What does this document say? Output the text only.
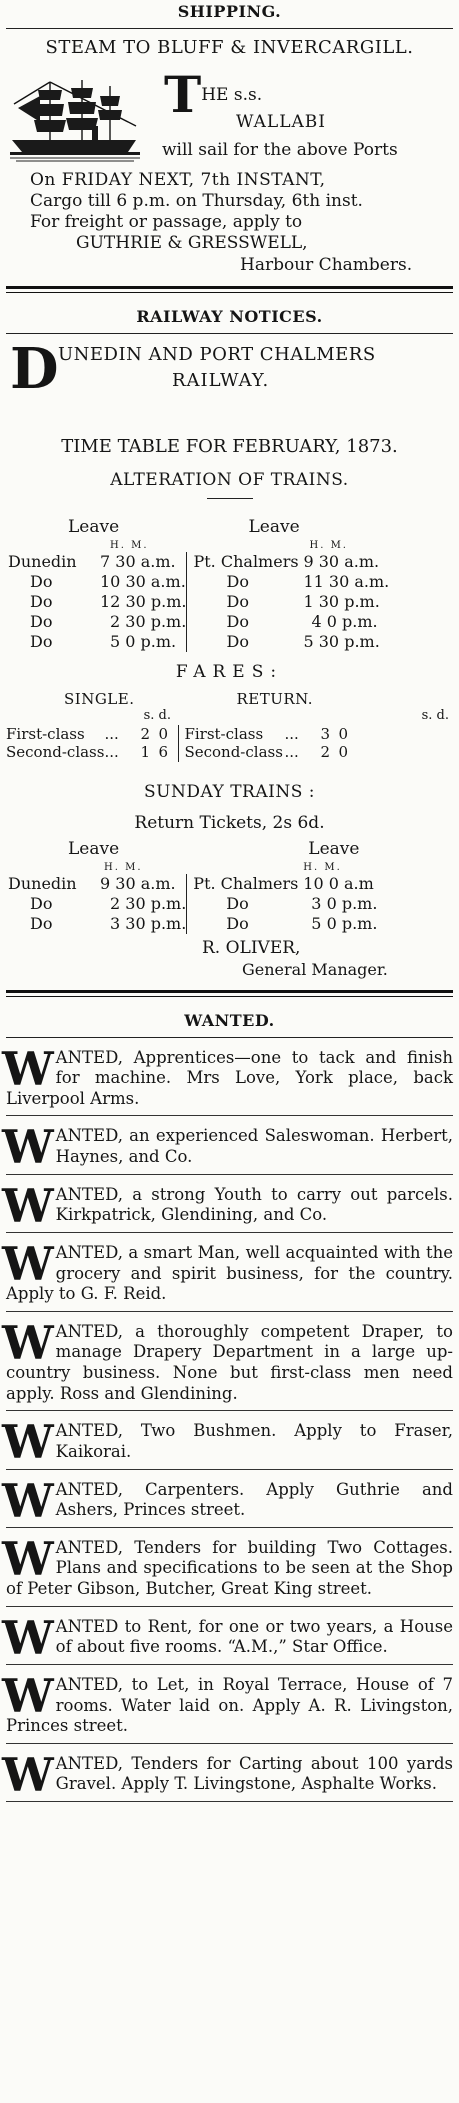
SHIPPING.
STEAM TO BLUFF & INVERCARGILL.
THE s.s.
WALLABI
will sail for the above Ports
On FRIDAY NEXT, 7th INSTANT,
Cargo till 6 p.m. on Thursday, 6th inst.
For freight or passage, apply to
GUTHRIE & GRESSWELL,
Harbour Chambers.
RAILWAY NOTICES.
D UNEDIN AND PORT CHALMERS
RAILWAY.
TIME TABLE FOR FEBRUARY, 1873.
ALTERATION OF TRAINS.
Leave		Leave	
	H. M.			H. M.
Dunedin	7 30 a.m.		Pt. Chalmers	9 30 a.m.
Do	10 30 a.m.	Do	11 30 a.m.
Do	12 30 p.m.	Do	1 30 p.m.
Do	2 30 p.m.	Do	4 0 p.m.
Do	5 0 p.m.	Do	5 30 p.m.
FARES:
SINGLE.				RETURN.			
s. d.				s. d.			
First-class	...	2	0		First-class	...	3	0
Second-class	...	1	6	Second-class	...	2	0
SUNDAY TRAINS :
Return Tickets, 2s 6d.
Leave		Leave	
	H. M.			H. M.
Dunedin	9 30 a.m.		Pt. Chalmers	10 0 a.m
Do	2 30 p.m.	Do	3 0 p.m.
Do	3 30 p.m.	Do	5 0 p.m.
R. OLIVER,
General Manager.
WANTED.
W ANTED, Apprentices—one to tack and finish for machine. Mrs Love, York place, back Liverpool Arms.

W ANTED, an experienced Saleswoman. Herbert, Haynes, and Co.

W ANTED, a strong Youth to carry out parcels. Kirkpatrick, Glendining, and Co.

W ANTED, a smart Man, well acquainted with the grocery and spirit business, for the country. Apply to G. F. Reid.

W ANTED, a thoroughly competent Draper, to manage Drapery Department in a large up-country business. None but first-class men need apply. Ross and Glendining.

W ANTED, Two Bushmen. Apply to Fraser, Kaikorai.

W ANTED, Carpenters. Apply Guthrie and Ashers, Princes street.

W ANTED, Tenders for building Two Cottages. Plans and specifications to be seen at the Shop of Peter Gibson, Butcher, Great King street.

W ANTED to Rent, for one or two years, a House of about five rooms. “A.M.,” Star Office.

W ANTED, to Let, in Royal Terrace, House of 7 rooms. Water laid on. Apply A. R. Livingston, Princes street.

W ANTED, Tenders for Carting about 100 yards Gravel. Apply T. Livingstone, Asphalte Works.
